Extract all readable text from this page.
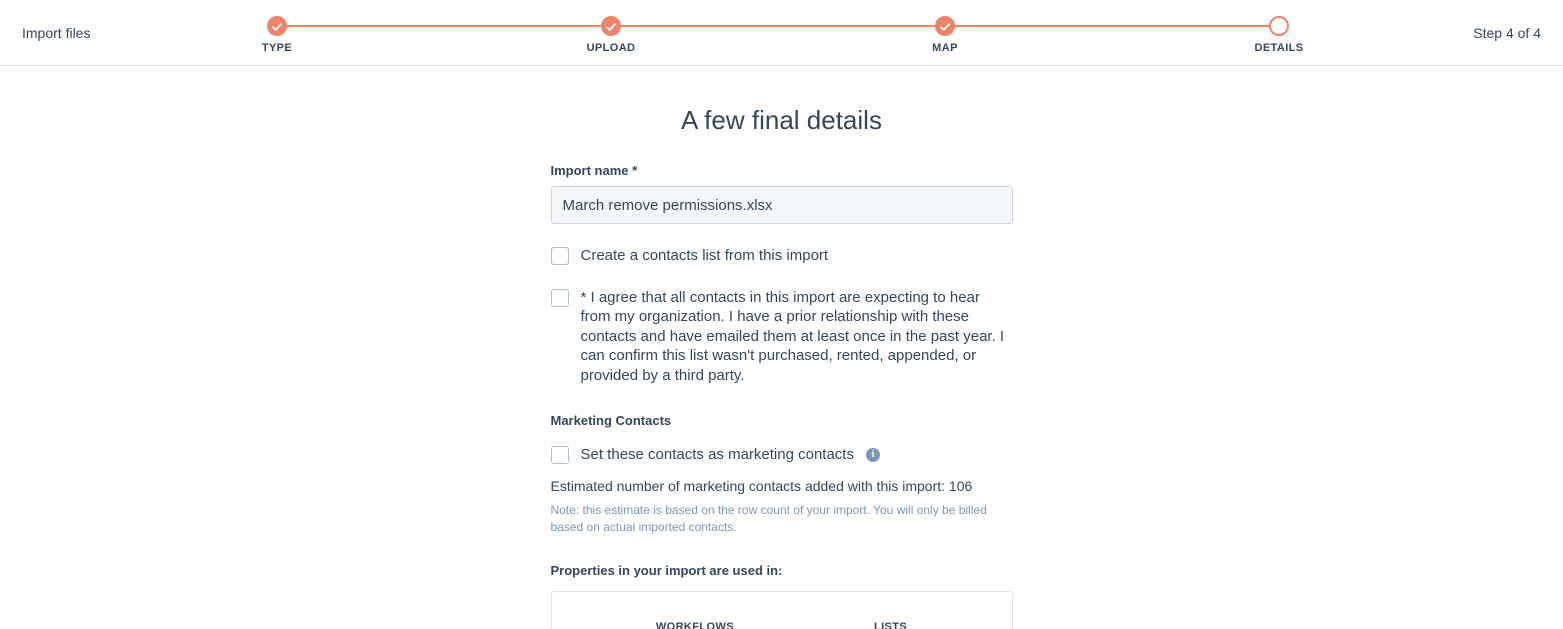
Import files
TYPE	UPLOAD	MAP	DETAILS
Step 4 of 4
A few final details
Import name *
March remove permissions.xlsx
Create a contacts list from this import
* I agree that all contacts in this import are expecting to hear from my organization. I have a prior relationship with these contacts and have emailed them at least once in the past year. I can confirm this list wasn't purchased, rented, appended, or provided by a third party.
Marketing Contacts
Set these contacts as marketing contacts	i
Estimated number of marketing contacts added with this import: 106
Note: this estimate is based on the row count of your import. You will only be billed based on actual imported contacts.
Properties in your import are used in:
WORKFLOWS	LISTS
